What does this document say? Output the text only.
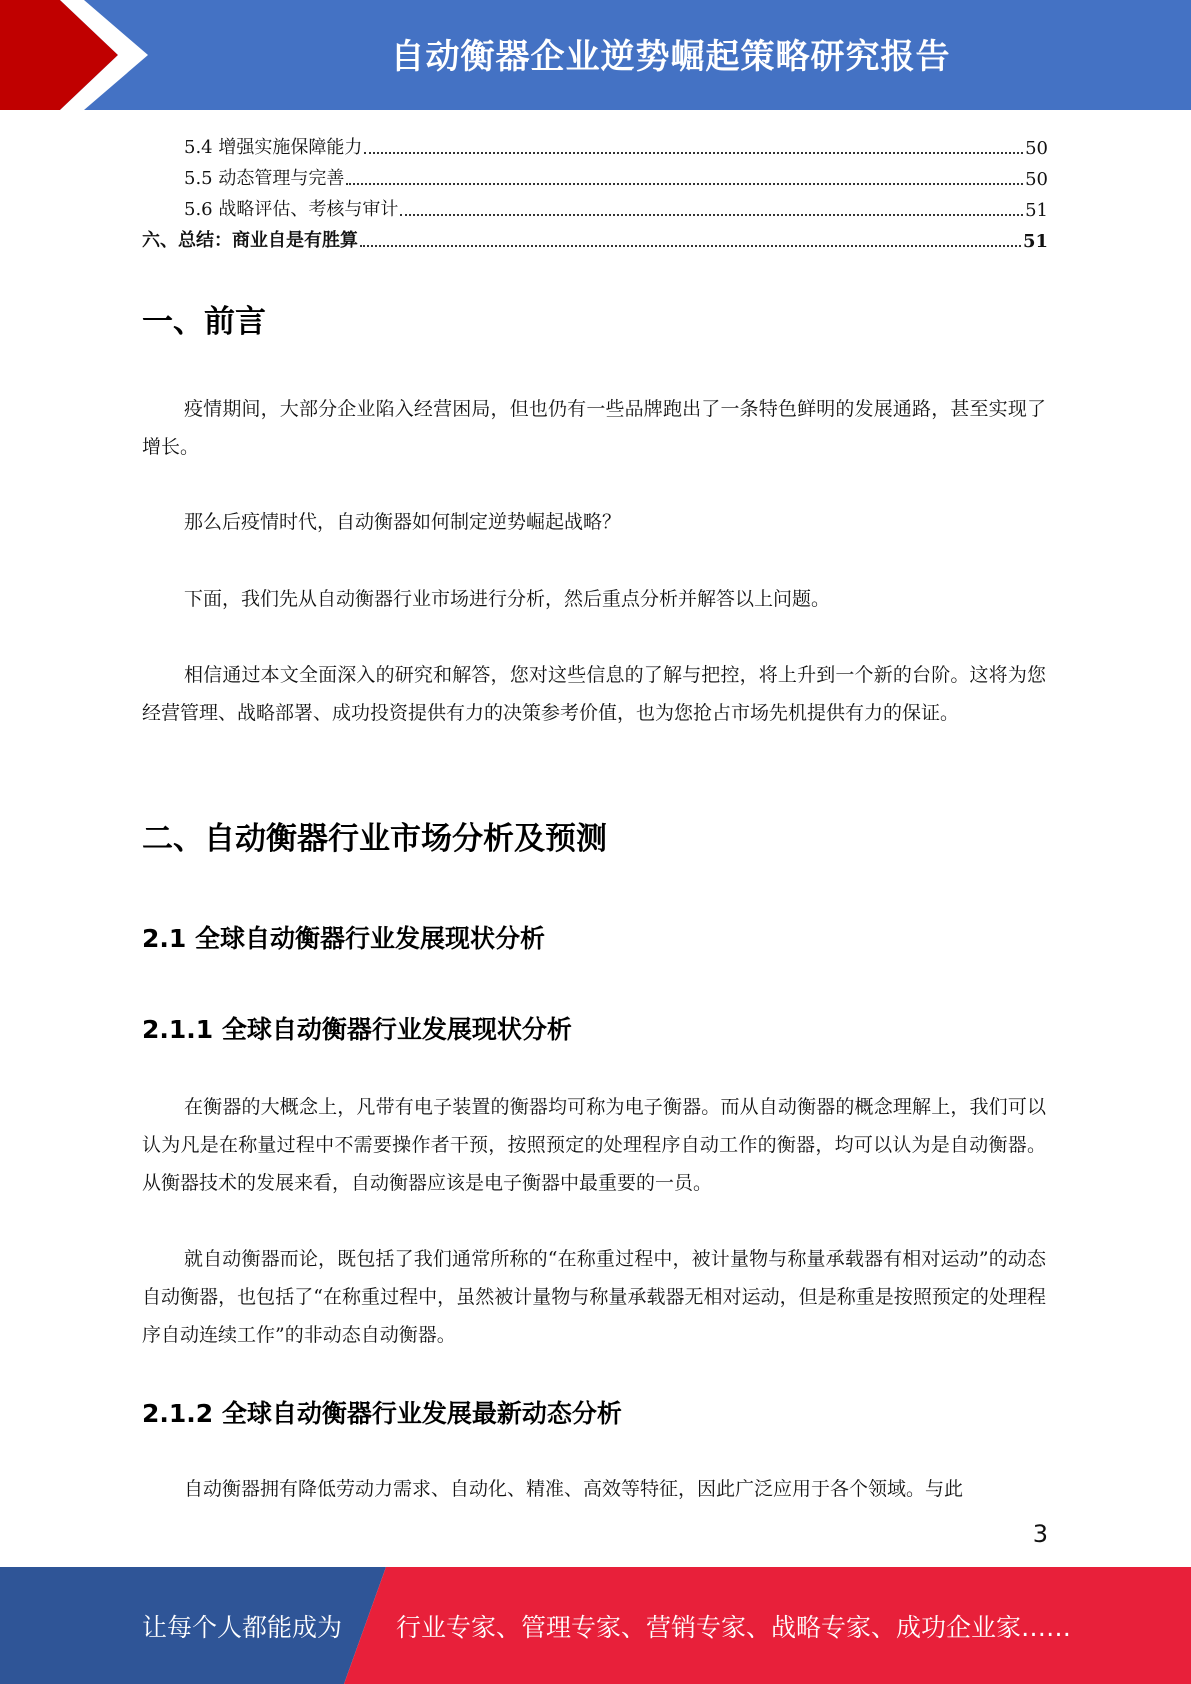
自动衡器企业逆势崛起策略研究报告
5.4 增强实施保障能力	50
5.5 动态管理与完善	50
5.6 战略评估、考核与审计	51
六、总结：商业自是有胜算	51
一、前言

疫情期间，大部分企业陷入经营困局，但也仍有一些品牌跑出了一条特色鲜明的发展通路，甚至实现了增长。

那么后疫情时代，自动衡器如何制定逆势崛起战略？

下面，我们先从自动衡器行业市场进行分析，然后重点分析并解答以上问题。

相信通过本文全面深入的研究和解答，您对这些信息的了解与把控，将上升到一个新的台阶。这将为您经营管理、战略部署、成功投资提供有力的决策参考价值，也为您抢占市场先机提供有力的保证。

二、自动衡器行业市场分析及预测
2.1 全球自动衡器行业发展现状分析
2.1.1 全球自动衡器行业发展现状分析

在衡器的大概念上，凡带有电子装置的衡器均可称为电子衡器。而从自动衡器的概念理解上，我们可以认为凡是在称量过程中不需要操作者干预，按照预定的处理程序自动工作的衡器，均可以认为是自动衡器。从衡器技术的发展来看，自动衡器应该是电子衡器中最重要的一员。

就自动衡器而论，既包括了我们通常所称的“在称重过程中，被计量物与称量承载器有相对运动”的动态自动衡器，也包括了“在称重过程中，虽然被计量物与称量承载器无相对运动，但是称重是按照预定的处理程序自动连续工作”的非动态自动衡器。

2.1.2 全球自动衡器行业发展最新动态分析

自动衡器拥有降低劳动力需求、自动化、精准、高效等特征，因此广泛应用于各个领域。与此

3
让每个人都能成为 行业专家、管理专家、营销专家、战略专家、成功企业家……
